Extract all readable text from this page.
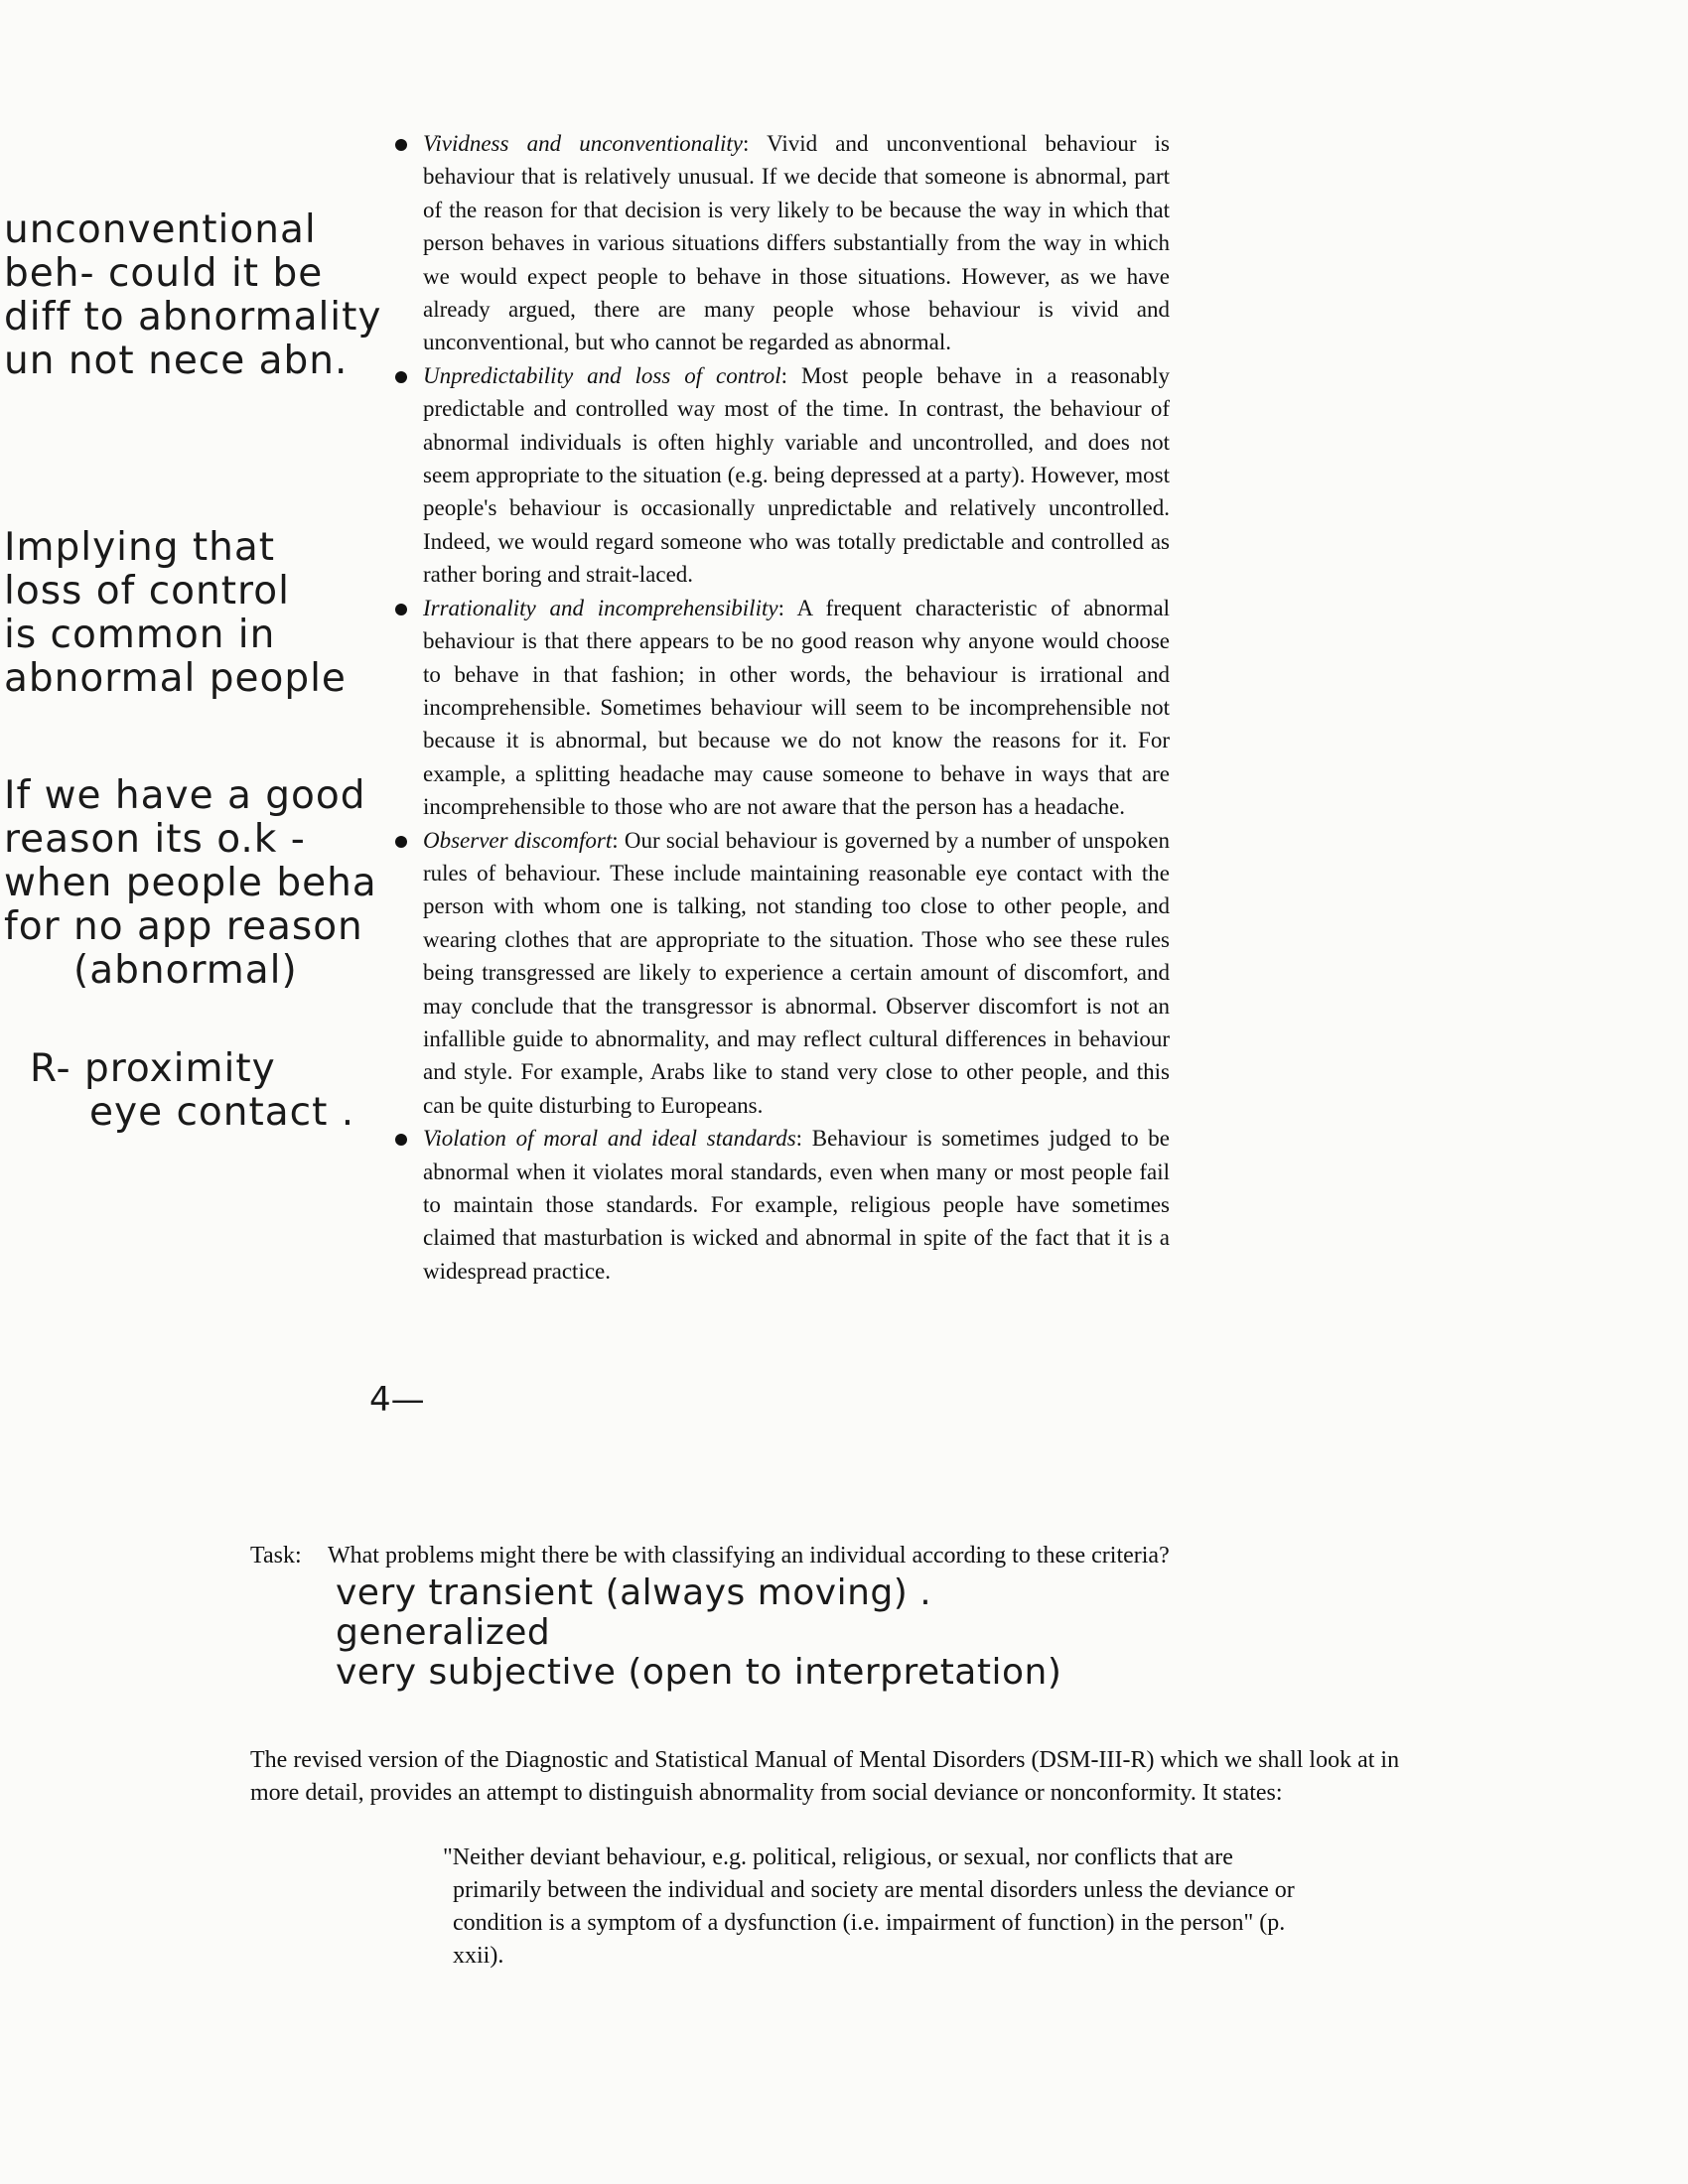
Vividness and unconventionality: Vivid and unconventional behaviour is behaviour that is relatively unusual. If we decide that someone is abnormal, part of the reason for that decision is very likely to be because the way in which that person behaves in various situations differs substantially from the way in which we would expect people to behave in those situations. However, as we have already argued, there are many people whose behaviour is vivid and unconventional, but who cannot be regarded as abnormal.
Unpredictability and loss of control: Most people behave in a reasonably predictable and controlled way most of the time. In contrast, the behaviour of abnormal individuals is often highly variable and uncontrolled, and does not seem appropriate to the situation (e.g. being depressed at a party). However, most people's behaviour is occasionally unpredictable and relatively uncontrolled. Indeed, we would regard someone who was totally predictable and controlled as rather boring and strait-laced.
Irrationality and incomprehensibility: A frequent characteristic of abnormal behaviour is that there appears to be no good reason why anyone would choose to behave in that fashion; in other words, the behaviour is irrational and incomprehensible. Sometimes behaviour will seem to be incomprehensible not because it is abnormal, but because we do not know the reasons for it. For example, a splitting headache may cause someone to behave in ways that are incomprehensible to those who are not aware that the person has a headache.
Observer discomfort: Our social behaviour is governed by a number of unspoken rules of behaviour. These include maintaining reasonable eye contact with the person with whom one is talking, not standing too close to other people, and wearing clothes that are appropriate to the situation. Those who see these rules being transgressed are likely to experience a certain amount of discomfort, and may conclude that the transgressor is abnormal. Observer discomfort is not an infallible guide to abnormality, and may reflect cultural differences in behaviour and style. For example, Arabs like to stand very close to other people, and this can be quite disturbing to Europeans.
Violation of moral and ideal standards: Behaviour is sometimes judged to be abnormal when it violates moral standards, even when many or most people fail to maintain those standards. For example, religious people have sometimes claimed that masturbation is wicked and abnormal in spite of the fact that it is a widespread practice.
unconventional
beh- could it be
diff to abnormality
un not nece abn.
Implying that
loss of control
is common in
abnormal people
If we have a good
reason its o.k -
when people beha
for no app reason
(abnormal)
R- proximity
eye contact .
4—
Task: What problems might there be with classifying an individual according to these criteria?
very transient (always moving) .
generalized
very subjective (open to interpretation)
The revised version of the Diagnostic and Statistical Manual of Mental Disorders (DSM-III-R) which we shall look at in more detail, provides an attempt to distinguish abnormality from social deviance or nonconformity. It states:
"Neither deviant behaviour, e.g. political, religious, or sexual, nor conflicts that are primarily between the individual and society are mental disorders unless the deviance or condition is a symptom of a dysfunction (i.e. impairment of function) in the person" (p. xxii).
